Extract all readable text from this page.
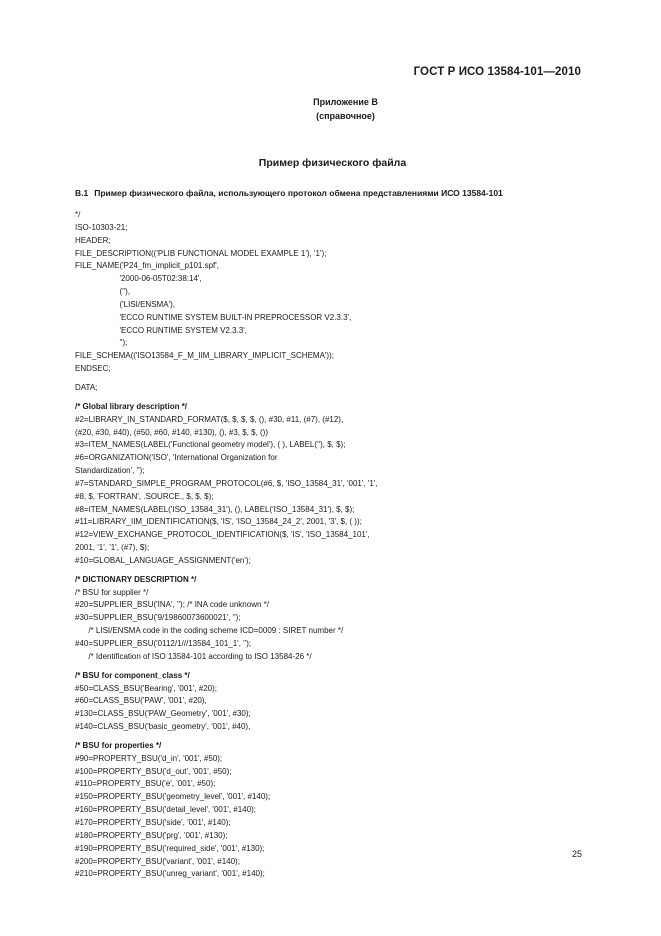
ГОСТ Р ИСО 13584-101—2010
Приложение В
(справочное)
Пример физического файла
В.1 Пример физического файла, использующего протокол обмена представлениями ИСО 13584-101
*/
ISO-10303-21;
HEADER;
FILE_DESCRIPTION(('PLIB FUNCTIONAL MODEL EXAMPLE 1'), '1');
FILE_NAME('P24_fm_implicit_p101.spf',
'2000-06-05T02:38:14',
(''),
('LISI/ENSMA'),
'ECCO RUNTIME SYSTEM BUILT-IN PREPROCESSOR V2.3.3',
'ECCO RUNTIME SYSTEM V2.3.3',
'');
FILE_SCHEMA(('ISO13584_F_M_IIM_LIBRARY_IMPLICIT_SCHEMA'));
ENDSEC;
DATA;
/* Global library description */
#2=LIBRARY_IN_STANDARD_FORMAT($, $, $, $, (), #30, #11, (#7), (#12),
(#20, #30, #40), (#50, #60, #140, #130), (), #3, $, $, ())
#3=ITEM_NAMES(LABEL('Functional geometry model'), ( ), LABEL(''), $, $);
#6=ORGANIZATION('ISO', 'International Organization for
Standardization', '');
#7=STANDARD_SIMPLE_PROGRAM_PROTOCOL(#6, $, 'ISO_13584_31', '001', '1',
#8, $, 'FORTRAN', .SOURCE., $, $, $);
#8=ITEM_NAMES(LABEL('ISO_13584_31'), (), LABEL('ISO_13584_31'), $, $);
#11=LIBRARY_IIM_IDENTIFICATION($, 'IS', 'ISO_13584_24_2', 2001, '3', $, ( ));
#12=VIEW_EXCHANGE_PROTOCOL_IDENTIFICATION($, 'IS', 'ISO_13584_101',
2001, '1', '1', (#7), $);
#10=GLOBAL_LANGUAGE_ASSIGNMENT('en');
/* DICTIONARY DESCRIPTION */
/* BSU for supplier */
#20=SUPPLIER_BSU('INA', ''); /* INA code unknown */
#30=SUPPLIER_BSU('9/19860073600021', '');
/* LISI/ENSMA code in the coding scheme ICD=0009 : SIRET number */
#40=SUPPLIER_BSU('0112/1///13584_101_1', '');
/* Identification of ISO 13584-101 according to ISO 13584-26 */
/* BSU for component_class */
#50=CLASS_BSU('Bearing', '001', #20);
#60=CLASS_BSU('PAW', '001', #20),
#130=CLASS_BSU('PAW_Geometry', '001', #30);
#140=CLASS_BSU('basic_geometry', '001', #40),
/* BSU for properties */
#90=PROPERTY_BSU('d_in', '001', #50);
#100=PROPERTY_BSU('d_out', '001', #50);
#110=PROPERTY_BSU('e', '001', #50);
#150=PROPERTY_BSU('geometry_level', '001', #140);
#160=PROPERTY_BSU('detail_level', '001', #140);
#170=PROPERTY_BSU('side', '001', #140);
#180=PROPERTY_BSU('prg', '001', #130);
#190=PROPERTY_BSU('required_side', '001', #130);
#200=PROPERTY_BSU('variant', '001', #140);
#210=PROPERTY_BSU('unreg_variant', '001', #140);
25
